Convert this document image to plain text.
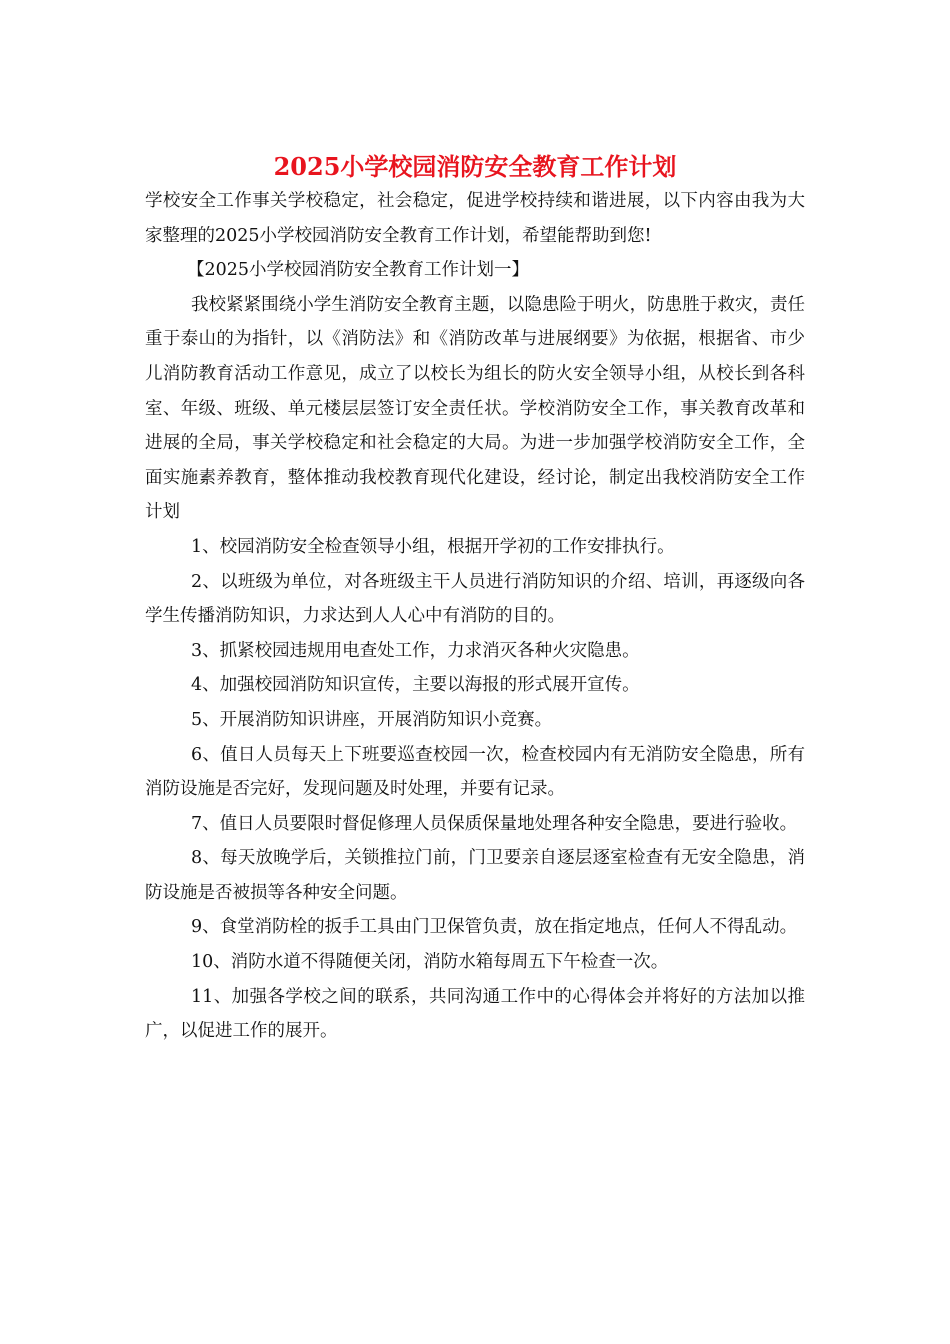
2025小学校园消防安全教育工作计划

学校安全工作事关学校稳定，社会稳定，促进学校持续和谐进展，以下内容由我为大家整理的2025小学校园消防安全教育工作计划，希望能帮助到您!

【2025小学校园消防安全教育工作计划一】

我校紧紧围绕小学生消防安全教育主题，以隐患险于明火，防患胜于救灾，责任重于泰山的为指针，以《消防法》和《消防改革与进展纲要》为依据，根据省、市少儿消防教育活动工作意见，成立了以校长为组长的防火安全领导小组，从校长到各科室、年级、班级、单元楼层层签订安全责任状。学校消防安全工作，事关教育改革和进展的全局，事关学校稳定和社会稳定的大局。为进一步加强学校消防安全工作，全面实施素养教育，整体推动我校教育现代化建设，经讨论，制定出我校消防安全工作计划

1、校园消防安全检查领导小组，根据开学初的工作安排执行。

2、以班级为单位，对各班级主干人员进行消防知识的介绍、培训，再逐级向各学生传播消防知识，力求达到人人心中有消防的目的。

3、抓紧校园违规用电查处工作，力求消灭各种火灾隐患。

4、加强校园消防知识宣传，主要以海报的形式展开宣传。

5、开展消防知识讲座，开展消防知识小竞赛。

6、值日人员每天上下班要巡查校园一次，检查校园内有无消防安全隐患，所有消防设施是否完好，发现问题及时处理，并要有记录。

7、值日人员要限时督促修理人员保质保量地处理各种安全隐患，要进行验收。

8、每天放晚学后，关锁推拉门前，门卫要亲自逐层逐室检查有无安全隐患，消防设施是否被损等各种安全问题。

9、食堂消防栓的扳手工具由门卫保管负责，放在指定地点，任何人不得乱动。

10、消防水道不得随便关闭，消防水箱每周五下午检查一次。

11、加强各学校之间的联系，共同沟通工作中的心得体会并将好的方法加以推广，以促进工作的展开。
